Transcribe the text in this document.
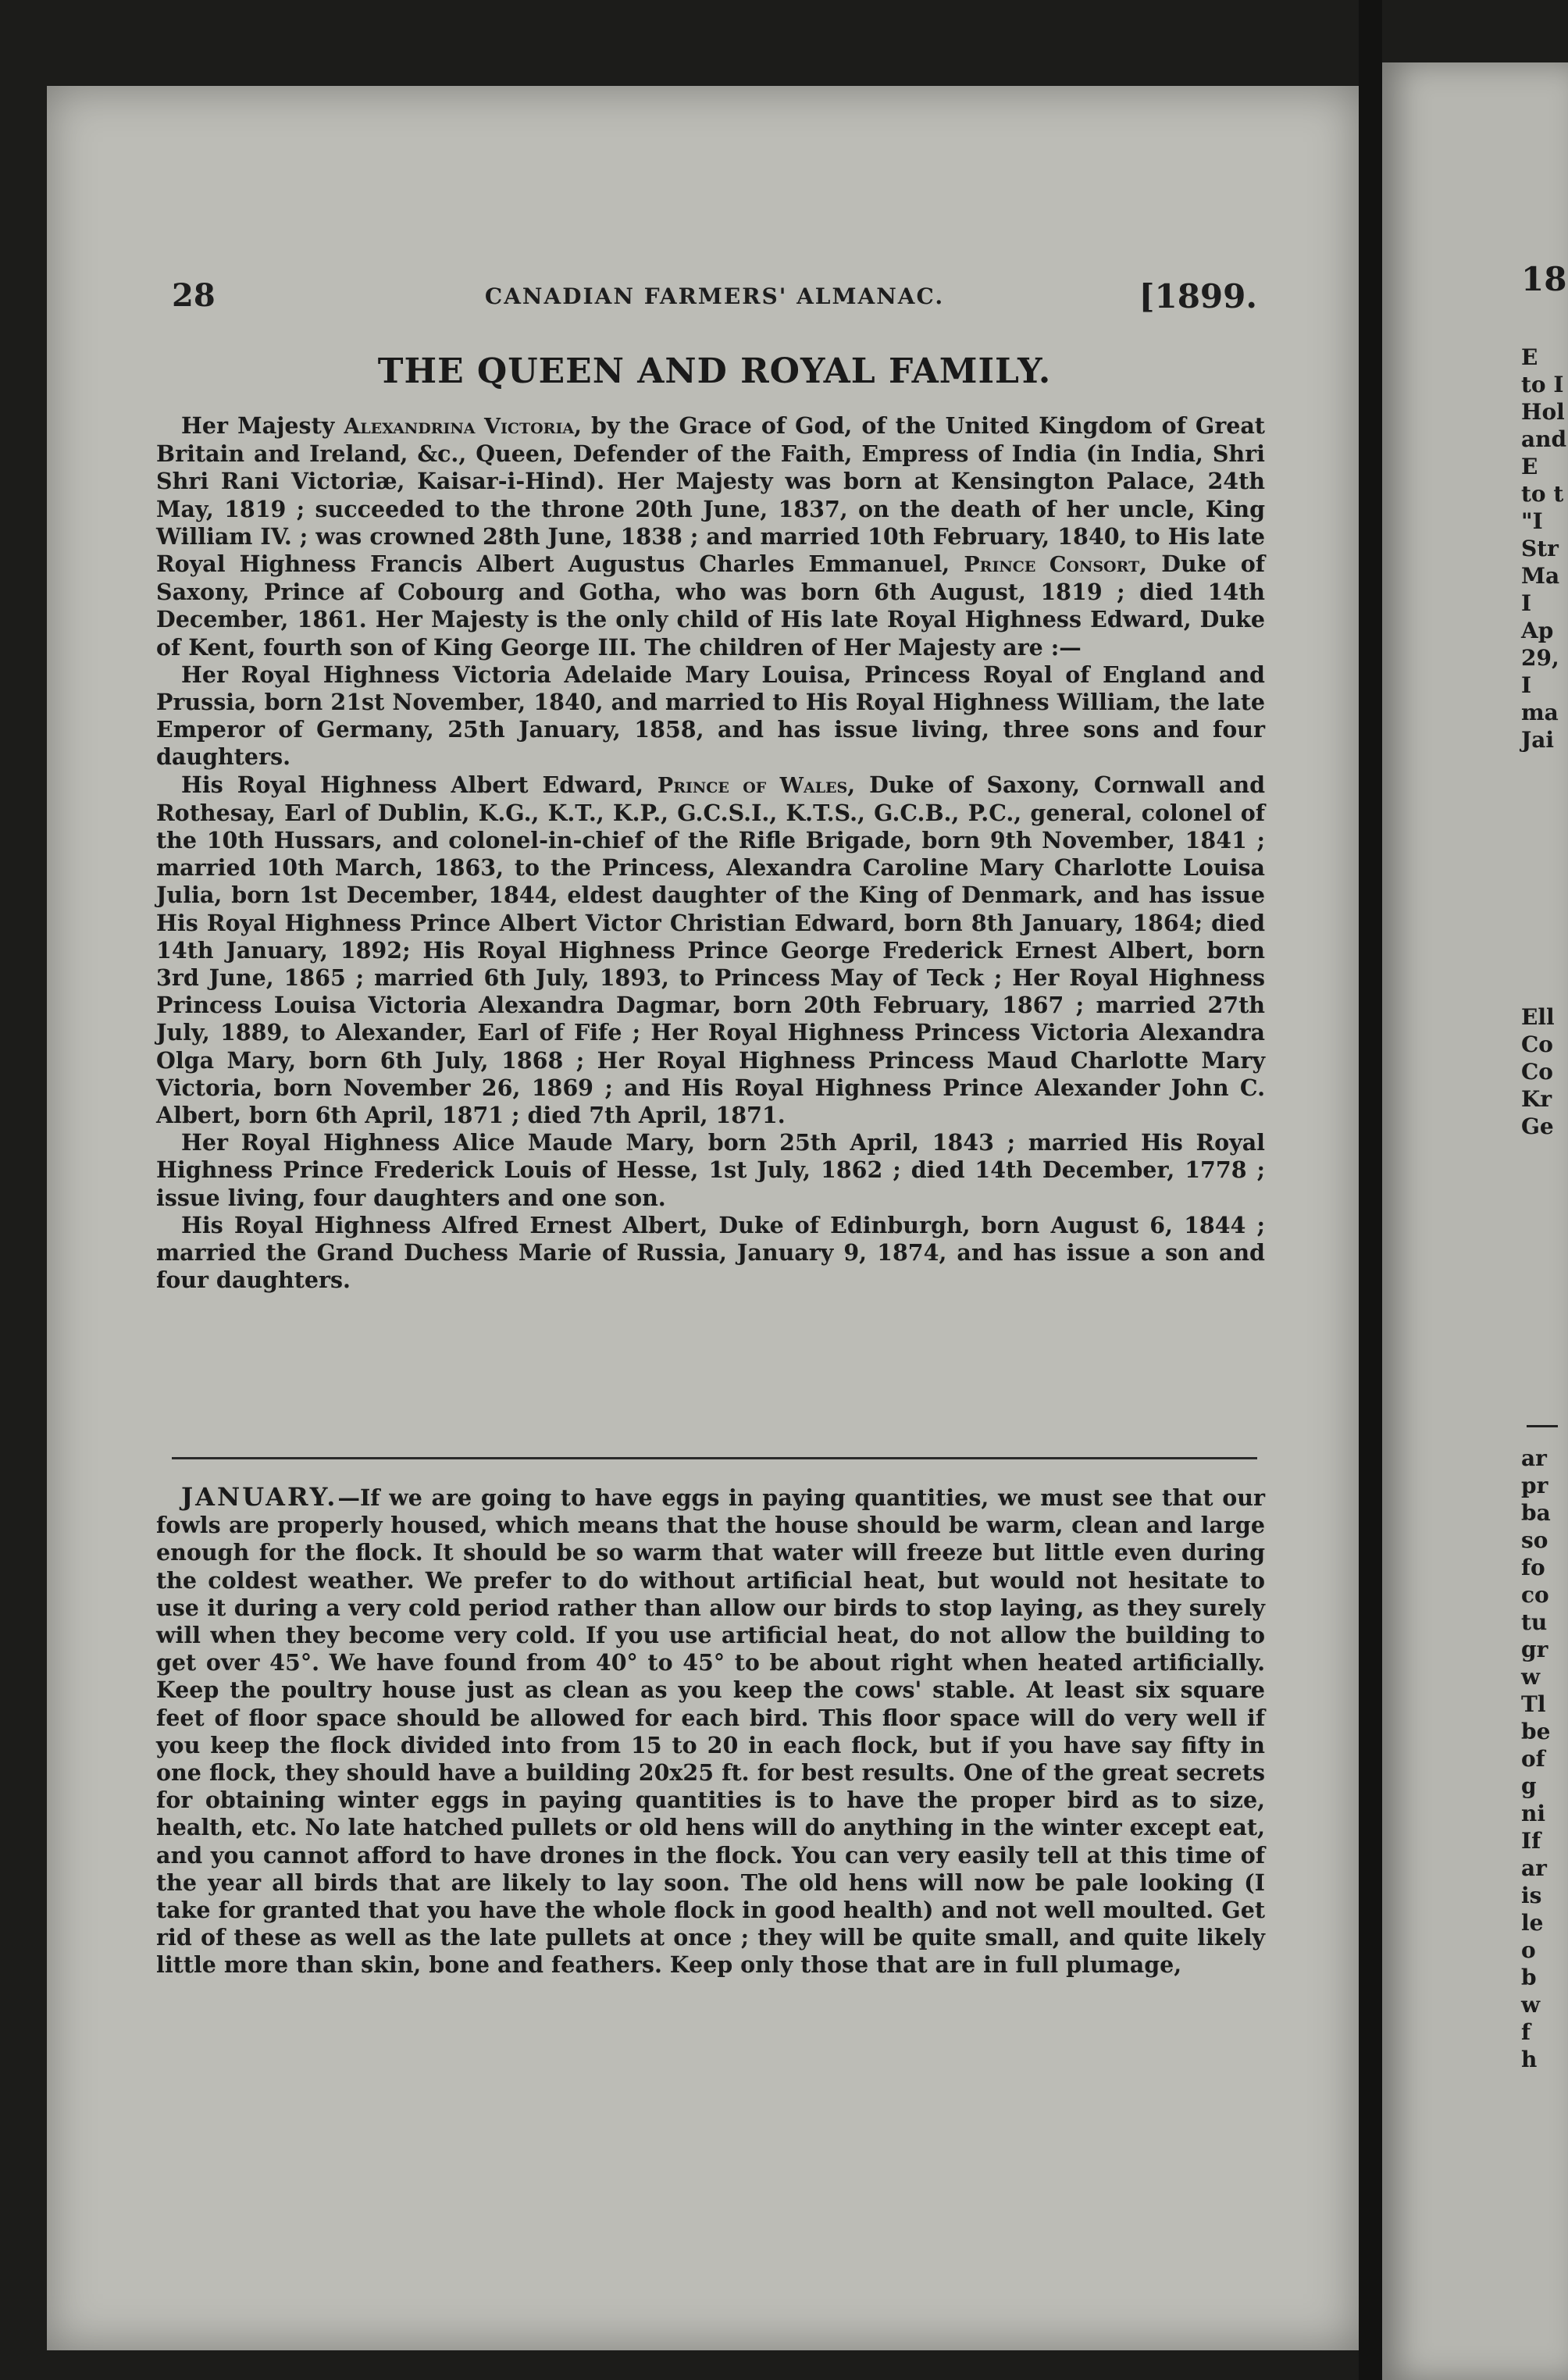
28	CANADIAN FARMERS' ALMANAC.	[1899.
THE QUEEN AND ROYAL FAMILY.

Her Majesty Alexandrina Victoria, by the Grace of God, of the United Kingdom of Great Britain and Ireland, &c., Queen, Defender of the Faith, Empress of India (in India, Shri Shri Rani Victoriæ, Kaisar-i-Hind). Her Majesty was born at Kensington Palace, 24th May, 1819 ; succeeded to the throne 20th June, 1837, on the death of her uncle, King William IV. ; was crowned 28th June, 1838 ; and married 10th February, 1840, to His late Royal Highness Francis Albert Augustus Charles Emmanuel, Prince Consort, Duke of Saxony, Prince af Cobourg and Gotha, who was born 6th August, 1819 ; died 14th December, 1861. Her Majesty is the only child of His late Royal Highness Edward, Duke of Kent, fourth son of King George III. The children of Her Majesty are :—

Her Royal Highness Victoria Adelaide Mary Louisa, Princess Royal of England and Prussia, born 21st November, 1840, and married to His Royal Highness William, the late Emperor of Germany, 25th January, 1858, and has issue living, three sons and four daughters.

His Royal Highness Albert Edward, Prince of Wales, Duke of Saxony, Cornwall and Rothesay, Earl of Dublin, K.G., K.T., K.P., G.C.S.I., K.T.S., G.C.B., P.C., general, colonel of the 10th Hussars, and colonel-in-chief of the Rifle Brigade, born 9th November, 1841 ; married 10th March, 1863, to the Princess, Alexandra Caroline Mary Charlotte Louisa Julia, born 1st December, 1844, eldest daughter of the King of Denmark, and has issue His Royal Highness Prince Albert Victor Christian Edward, born 8th January, 1864; died 14th January, 1892; His Royal Highness Prince George Frederick Ernest Albert, born 3rd June, 1865 ; married 6th July, 1893, to Princess May of Teck ; Her Royal Highness Princess Louisa Victoria Alexandra Dagmar, born 20th February, 1867 ; married 27th July, 1889, to Alexander, Earl of Fife ; Her Royal Highness Princess Victoria Alexandra Olga Mary, born 6th July, 1868 ; Her Royal Highness Princess Maud Charlotte Mary Victoria, born November 26, 1869 ; and His Royal Highness Prince Alexander John C. Albert, born 6th April, 1871 ; died 7th April, 1871.

Her Royal Highness Alice Maude Mary, born 25th April, 1843 ; married His Royal Highness Prince Frederick Louis of Hesse, 1st July, 1862 ; died 14th December, 1778 ; issue living, four daughters and one son.

His Royal Highness Alfred Ernest Albert, Duke of Edinburgh, born August 6, 1844 ; married the Grand Duchess Marie of Russia, January 9, 1874, and has issue a son and four daughters.

JANUARY.—If we are going to have eggs in paying quantities, we must see that our fowls are properly housed, which means that the house should be warm, clean and large enough for the flock. It should be so warm that water will freeze but little even during the coldest weather. We prefer to do without artificial heat, but would not hesitate to use it during a very cold period rather than allow our birds to stop laying, as they surely will when they become very cold. If you use artificial heat, do not allow the building to get over 45°. We have found from 40° to 45° to be about right when heated artificially. Keep the poultry house just as clean as you keep the cows' stable. At least six square feet of floor space should be allowed for each bird. This floor space will do very well if you keep the flock divided into from 15 to 20 in each flock, but if you have say fifty in one flock, they should have a building 20x25 ft. for best results. One of the great secrets for obtaining winter eggs in paying quantities is to have the proper bird as to size, health, etc. No late hatched pullets or old hens will do anything in the winter except eat, and you cannot afford to have drones in the flock. You can very easily tell at this time of the year all birds that are likely to lay soon. The old hens will now be pale looking (I take for granted that you have the whole flock in good health) and not well moulted. Get rid of these as well as the late pullets at once ; they will be quite small, and quite likely little more than skin, bone and feathers. Keep only those that are in full plumage,

18
E
to I
Hol
and
E
to t
"I
Str
Ma
I
Ap
29,
I
ma
Jai
Ell
Co
Co
Kr
Ge
ar
pr
ba
so
fo
co
tu
gr
w
Tl
be
of
g
ni
If
ar
is
le
o
b
w
f
h
